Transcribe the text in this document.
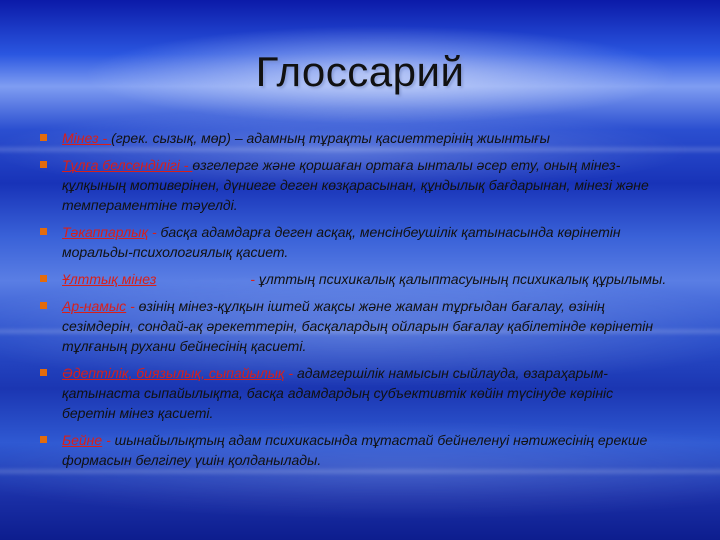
Глоссарий
Мінез - (грек. сызық, мөр) – адамның тұрақты қасиеттерінің жиынтығы
Тұлға белсенділігі - өзгелерге және қоршаған ортаға ынталы әсер ету, оның мінез-құлқының мотиверінен, дүниеге деген көзқарасынан, құндылық бағдарынан, мінезі және темпераментіне тәуелді.
Тәкаппарлық - басқа адамдарға деген асқақ, менсінбеушілік қатынасында көрінетін моральды-психологиялық қасиет.
Ұлттық мінез	- ұлттың психикалық қалыптасуының психикалық құрылымы.
Ар-намыс - өзінің мінез-құлқын іштей жақсы және жаман тұрғыдан бағалау, өзінің сезімдерін, сондай-ақ әрекеттерін, басқалардың ойларын бағалау қабілетінде көрінетін тұлғаның рухани бейнесінің қасиеті.
Әдептілік, биязылық, сыпайылық - адамгершілік намысын сыйлауда, өзараҳарым-қатынаста сыпайылықта, басқа адамдардың субъективтік көйін түсінуде көрініс беретін мінез қасиеті.
Бейне - шынайылықтың адам психикасында тұтастай бейнеленуі нәтижесінің ерекше формасын белгілеу үшін қолданылады.
